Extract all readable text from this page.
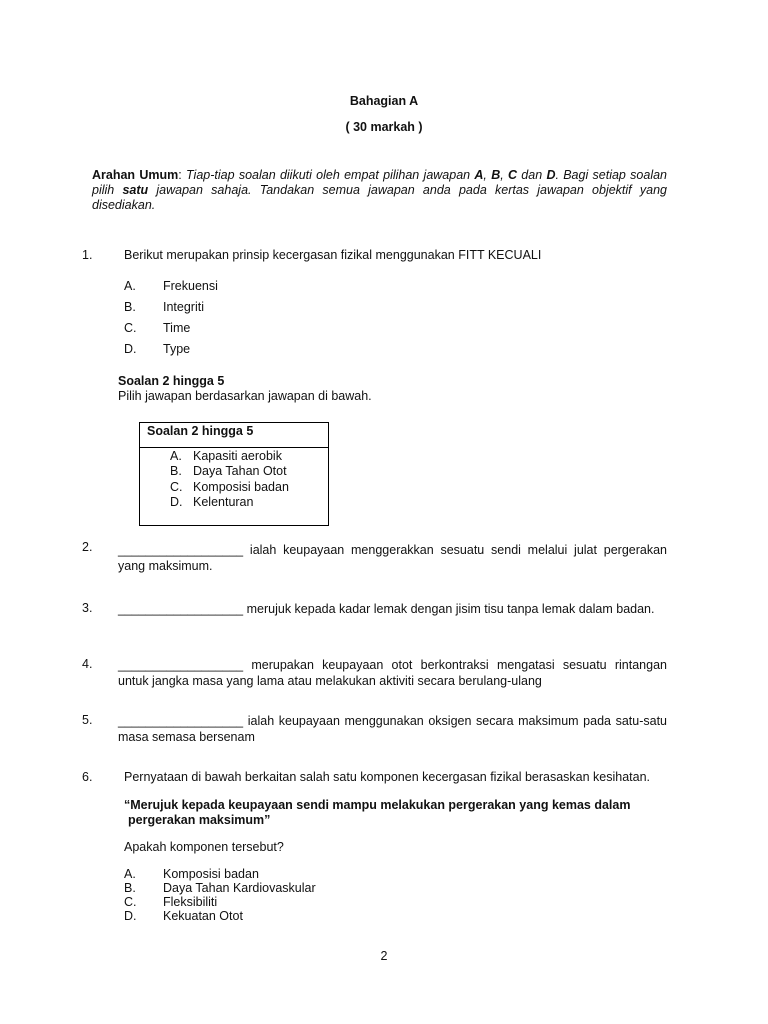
Bahagian A
( 30 markah )
Arahan Umum: Tiap-tiap soalan diikuti oleh empat pilihan jawapan A, B, C dan D. Bagi setiap soalan pilih satu jawapan sahaja. Tandakan semua jawapan anda pada kertas jawapan objektif yang disediakan.
1.	Berikut merupakan prinsip kecergasan fizikal menggunakan FITT KECUALI
A. Frekuensi
B. Integriti
C. Time
D. Type
Soalan 2 hingga 5
Pilih jawapan berdasarkan jawapan di bawah.
Soalan 2 hingga 5
A. Kapasiti aerobik
B. Daya Tahan Otot
C. Komposisi badan
D. Kelenturan
2. __________________ ialah keupayaan menggerakkan sesuatu sendi melalui julat pergerakan yang maksimum.
3. __________________ merujuk kepada kadar lemak dengan jisim tisu tanpa lemak dalam badan.
4. __________________ merupakan keupayaan otot berkontraksi mengatasi sesuatu rintangan untuk jangka masa yang lama atau melakukan aktiviti secara berulang-ulang
5. __________________ ialah keupayaan menggunakan oksigen secara maksimum pada satu-satu masa semasa bersenam
6.	Pernyataan di bawah berkaitan salah satu komponen kecergasan fizikal berasaskan kesihatan.
“Merujuk kepada keupayaan sendi mampu melakukan pergerakan yang kemas dalam
pergerakan maksimum”
Apakah komponen tersebut?
A. Komposisi badan
B. Daya Tahan Kardiovaskular
C. Fleksibiliti
D. Kekuatan Otot
2
